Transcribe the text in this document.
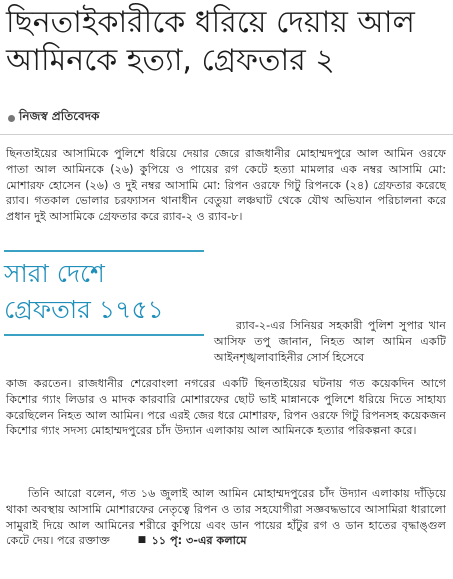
ছিনতাইকারীকে ধরিয়ে দেয়ায় আল
আমিনকে হত্যা, গ্রেফতার ২
নিজস্ব প্রতিবেদক

ছিনতাইয়ের আসামিকে পুলিশে ধরিয়ে দেয়ার জেরে রাজধানীর মোহাম্মদপুরে আল আমিন ওরফে পাতা আল আমিনকে (২৬) কুপিয়ে ও পায়ের রগ কেটে হত্যা মামলার এক নম্বর আসামি মো: মোশারফ হোসেন (২৬) ও দুই নম্বর আসামি মো: রিপন ওরফে গিটু রিপনকে (২৪) গ্রেফতার করেছে র‌্যাব। গতকাল ভোলার চরফ্যাসন থানাধীন বেতুয়া লঞ্চঘাট থেকে যৌথ অভিযান পরিচালনা করে প্রধান দুই আসামিকে গ্রেফতার করে র‌্যাব-২ ও র‌্যাব-৮।

সারা দেশে
গ্রেফতার ১৭৫১

র‌্যাব-২-এর সিনিয়র সহকারী পুলিশ সুপার খান আসিফ তপু জানান, নিহত আল আমিন একটি আইনশৃঙ্খলাবাহিনীর সোর্স হিসেবে

কাজ করতেন। রাজধানীর শেরেবাংলা নগরের একটি ছিনতাইয়ের ঘটনায় গত কয়েকদিন আগে কিশোর গ্যাং লিডার ও মাদক কারবারি মোশারফের ছোট ভাই মান্নানকে পুলিশে ধরিয়ে দিতে সাহায্য করেছিলেন নিহত আল আমিন। পরে এরই জের ধরে মোশারফ, রিপন ওরফে গিটু রিপনসহ কয়েকজন কিশোর গ্যাং সদস্য মোহাম্মদপুরের চাঁদ উদ্যান এলাকায় আল আমিনকে হত্যার পরিকল্পনা করে।

তিনি আরো বলেন, গত ১৬ জুলাই আল আমিন মোহাম্মদপুরের চাঁদ উদ্যান এলাকায় দাঁড়িয়ে থাকা অবস্থায় আসামি মোশারফের নেতৃত্বে রিপন ও তার সহযোগীরা সজ্ঞবদ্ধভাবে আসামিরা ধারালো সামুরাই দিয়ে আল আমিনের শরীরে কুপিয়ে এবং ডান পায়ের হাঁটুর রগ ও ডান হাতের বৃদ্ধাঙ্গুল কেটে দেয়। পরে রক্তাক্ত	■ ১১ পৃ: ৩-এর কলামে
